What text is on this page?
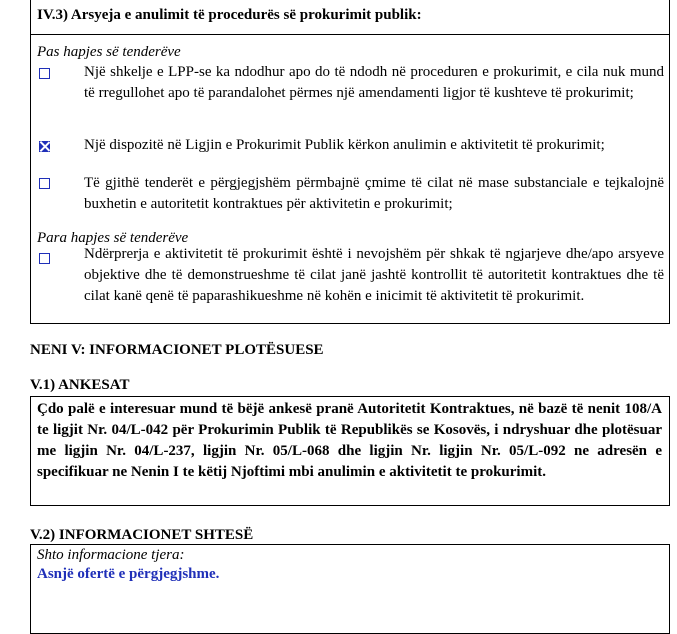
IV.3) Arsyeja e anulimit të procedurës së prokurimit publik:
Pas hapjes së tenderëve
Një shkelje e LPP-se ka ndodhur apo do të ndodh në proceduren e prokurimit, e cila nuk mund të rregullohet apo të parandalohet përmes një amendamenti ligjor të kushteve të prokurimit;
Një dispozitë në Ligjin e Prokurimit Publik kërkon anulimin e aktivitetit të prokurimit;
Të gjithë tenderët e përgjegjshëm përmbajnë çmime të cilat në mase substanciale e tejkalojnë buxhetin e autoritetit kontraktues për aktivitetin e prokurimit;
Para hapjes së tenderëve
Ndërprerja e aktivitetit të prokurimit është i nevojshëm për shkak të ngjarjeve dhe/apo arsyeve objektive dhe të demonstrueshme të cilat janë jashtë kontrollit të autoritetit kontraktues dhe të cilat kanë qenë të paparashikueshme në kohën e inicimit të aktivitetit të prokurimit.
NENI V: INFORMACIONET PLOTËSUESE
V.1) ANKESAT
Çdo palë e interesuar mund të bëjë ankesë pranë Autoritetit Kontraktues, në bazë të nenit 108/A te ligjit Nr. 04/L-042 për Prokurimin Publik të Republikës se Kosovës, i ndryshuar dhe plotësuar me ligjin Nr. 04/L-237, ligjin Nr. 05/L-068 dhe ligjin Nr. ligjin Nr. 05/L-092 ne adresën e specifikuar ne Nenin I te këtij Njoftimi mbi anulimin e aktivitetit te prokurimit.
V.2) INFORMACIONET SHTESË
Shto informacione tjera:
Asnjë ofertë e përgjegjshme.
